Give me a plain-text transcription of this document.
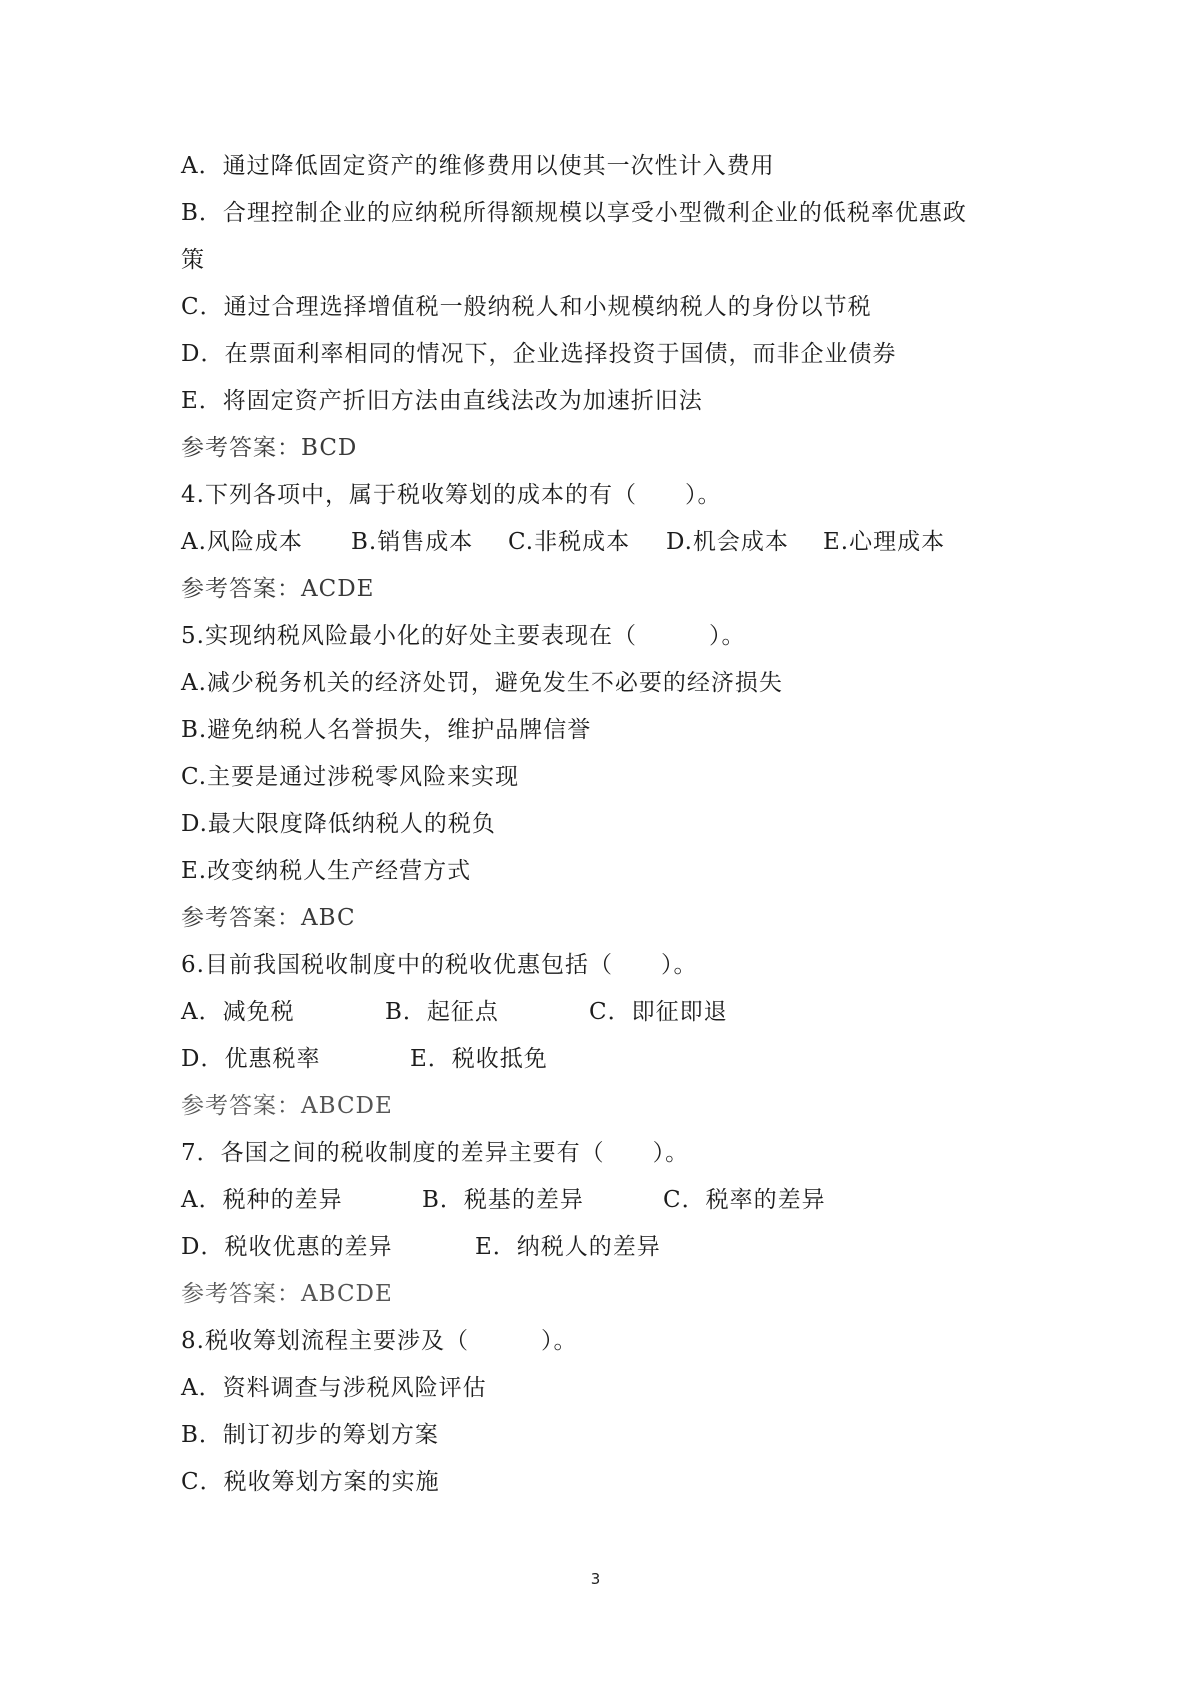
A．通过降低固定资产的维修费用以使其一次性计入费用
B．合理控制企业的应纳税所得额规模以享受小型微利企业的低税率优惠政
策
C．通过合理选择增值税一般纳税人和小规模纳税人的身份以节税
D．在票面利率相同的情况下，企业选择投资于国债，而非企业债券
E．将固定资产折旧方法由直线法改为加速折旧法
参考答案：BCD
4.下列各项中，属于税收筹划的成本的有（　　）。
A.风险成本 B.销售成本 C.非税成本 D.机会成本 E.心理成本
参考答案：ACDE
5.实现纳税风险最小化的好处主要表现在（　　　）。
A.减少税务机关的经济处罚，避免发生不必要的经济损失
B.避免纳税人名誉损失，维护品牌信誉
C.主要是通过涉税零风险来实现
D.最大限度降低纳税人的税负
E.改变纳税人生产经营方式
参考答案：ABC
6.目前我国税收制度中的税收优惠包括（　　）。
A．减免税	B．起征点	C．即征即退
D．优惠税率	E．税收抵免
参考答案：ABCDE
7．各国之间的税收制度的差异主要有（　　）。
A．税种的差异	B．税基的差异	C．税率的差异
D．税收优惠的差异	E．纳税人的差异
参考答案：ABCDE
8.税收筹划流程主要涉及（　　　）。
A．资料调查与涉税风险评估
B．制订初步的筹划方案
C．税收筹划方案的实施
3
